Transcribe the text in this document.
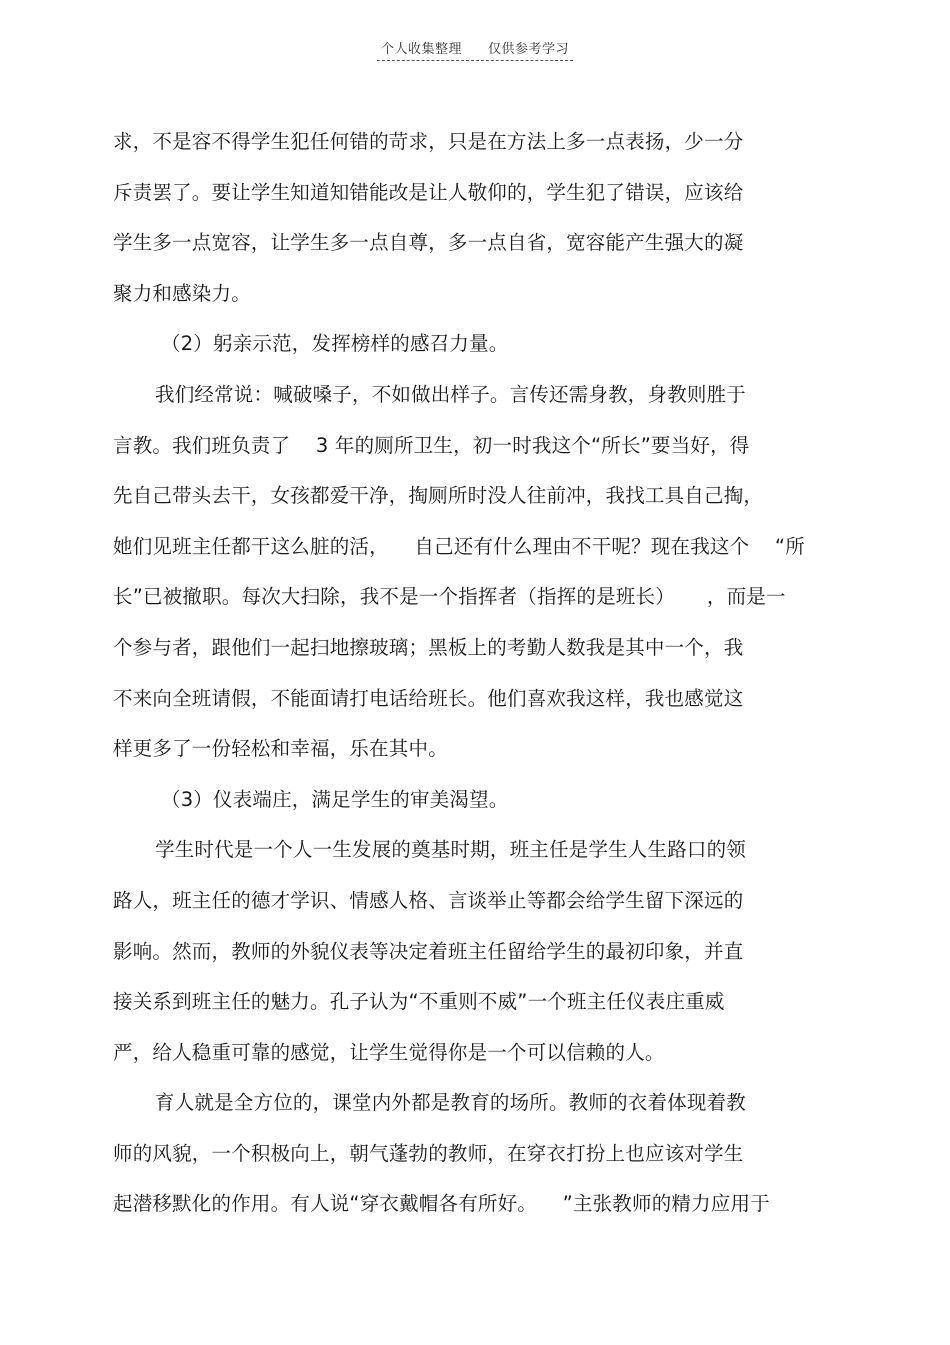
个人收集整理 仅供参考学习
求，不是容不得学生犯任何错的苛求，只是在方法上多一点表扬，少一分
斥责罢了。要让学生知道知错能改是让人敬仰的，学生犯了错误，应该给
学生多一点宽容，让学生多一点自尊，多一点自省，宽容能产生强大的凝
聚力和感染力。
（2）躬亲示范，发挥榜样的感召力量。
我们经常说：喊破嗓子，不如做出样子。言传还需身教，身教则胜于
言教。我们班负责了    3 年的厕所卫生，初一时我这个“所长”要当好，得
先自己带头去干，女孩都爱干净，掏厕所时没人往前冲，我找工具自己掏，
她们见班主任都干这么脏的活，    自己还有什么理由不干呢？现在我这个    “所
长”已被撤职。每次大扫除，我不是一个指挥者（指挥的是班长）     ，而是一
个参与者，跟他们一起扫地擦玻璃；黑板上的考勤人数我是其中一个，我
不来向全班请假，不能面请打电话给班长。他们喜欢我这样，我也感觉这
样更多了一份轻松和幸福，乐在其中。
（3）仪表端庄，满足学生的审美渴望。
学生时代是一个人一生发展的奠基时期，班主任是学生人生路口的领
路人，班主任的德才学识、情感人格、言谈举止等都会给学生留下深远的
影响。然而，教师的外貌仪表等决定着班主任留给学生的最初印象，并直
接关系到班主任的魅力。孔子认为“不重则不威”一个班主任仪表庄重威
严，给人稳重可靠的感觉，让学生觉得你是一个可以信赖的人。
育人就是全方位的，课堂内外都是教育的场所。教师的衣着体现着教
师的风貌，一个积极向上，朝气蓬勃的教师，在穿衣打扮上也应该对学生
起潜移默化的作用。有人说“穿衣戴帽各有所好。    ”主张教师的精力应用于
